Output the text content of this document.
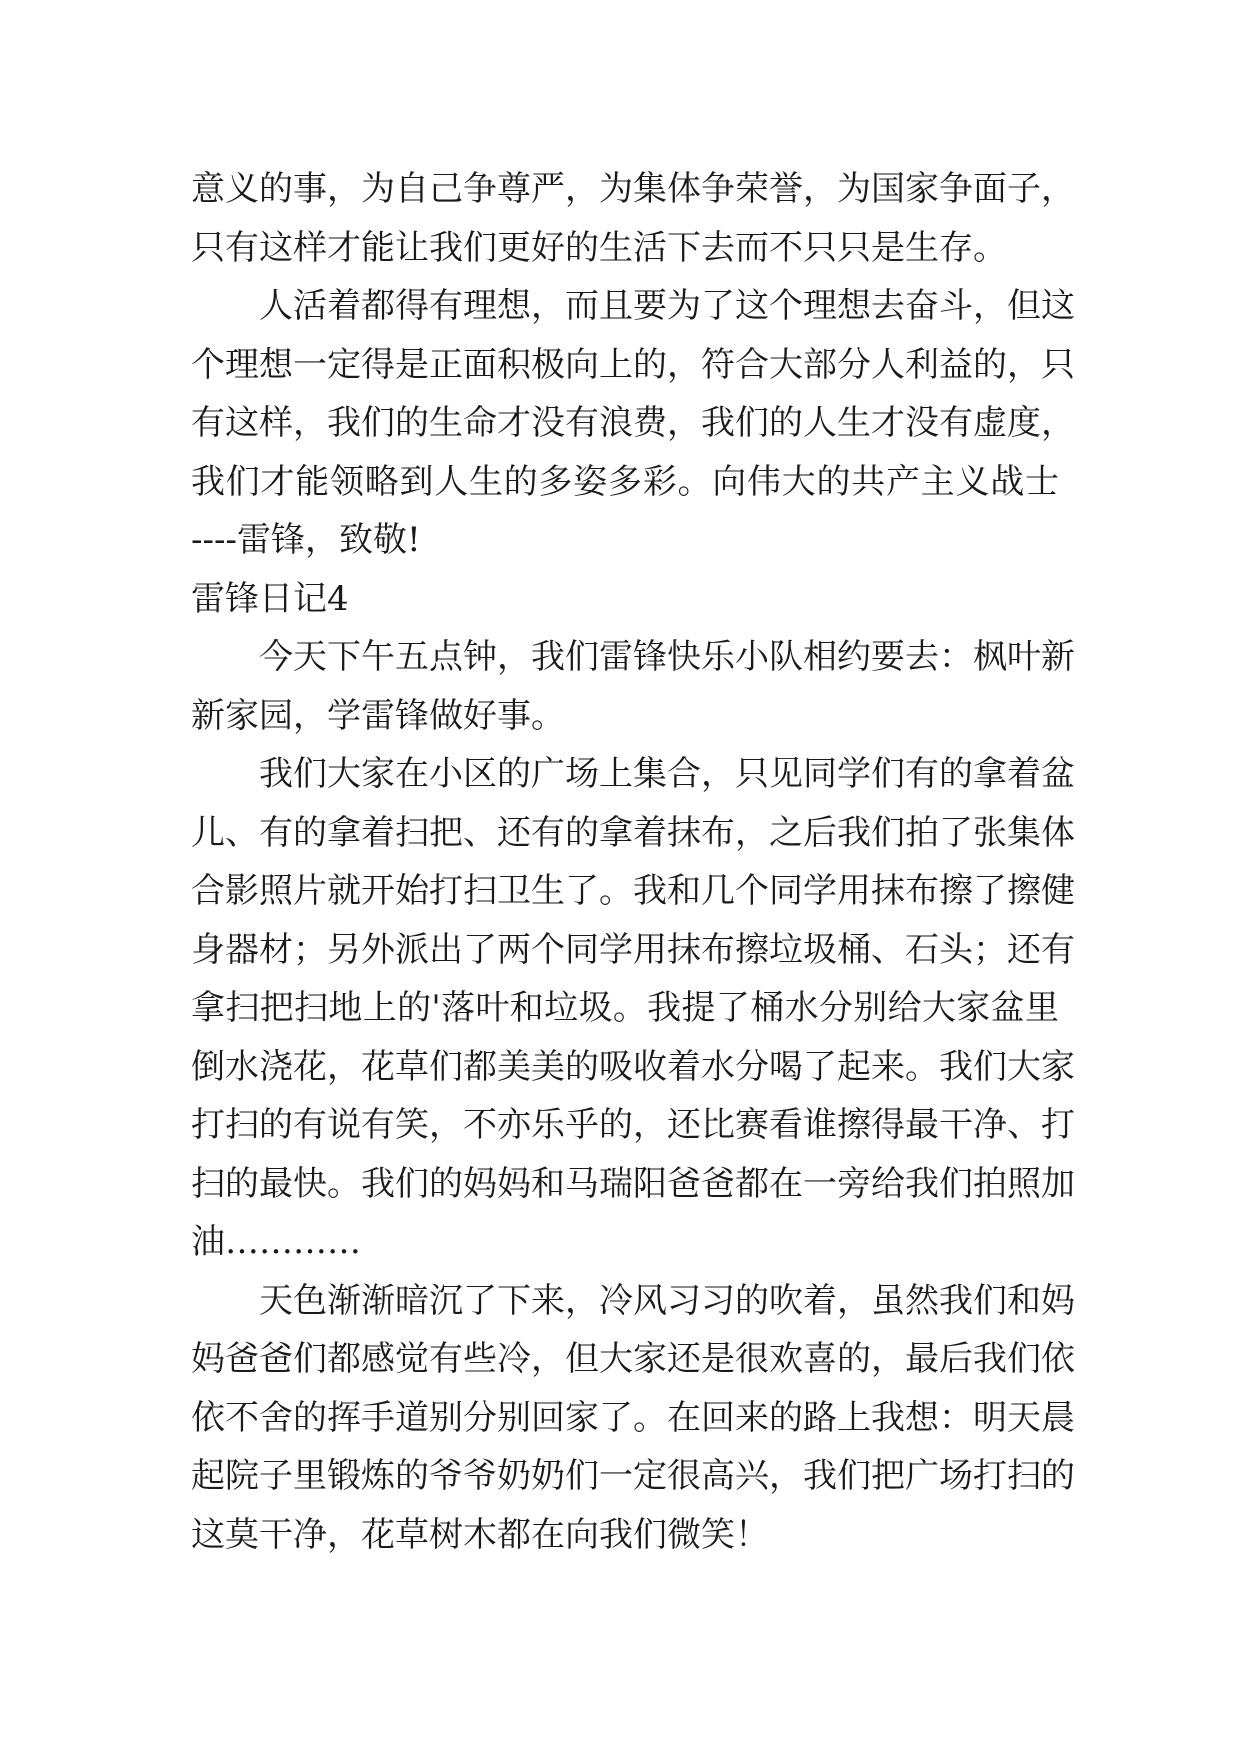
意义的事，为自己争尊严，为集体争荣誉，为国家争面子，
只有这样才能让我们更好的生活下去而不只只是生存。
人活着都得有理想，而且要为了这个理想去奋斗，但这
个理想一定得是正面积极向上的，符合大部分人利益的，只
有这样，我们的生命才没有浪费，我们的人生才没有虚度，
我们才能领略到人生的多姿多彩。向伟大的共产主义战士
----雷锋，致敬!
雷锋日记4
今天下午五点钟，我们雷锋快乐小队相约要去：枫叶新
新家园，学雷锋做好事。
我们大家在小区的广场上集合，只见同学们有的拿着盆
儿、有的拿着扫把、还有的拿着抹布，之后我们拍了张集体
合影照片就开始打扫卫生了。我和几个同学用抹布擦了擦健
身器材；另外派出了两个同学用抹布擦垃圾桶、石头；还有
拿扫把扫地上的'落叶和垃圾。我提了桶水分别给大家盆里
倒水浇花，花草们都美美的吸收着水分喝了起来。我们大家
打扫的有说有笑，不亦乐乎的，还比赛看谁擦得最干净、打
扫的最快。我们的妈妈和马瑞阳爸爸都在一旁给我们拍照加
油…………
天色渐渐暗沉了下来，冷风习习的吹着，虽然我们和妈
妈爸爸们都感觉有些冷，但大家还是很欢喜的，最后我们依
依不舍的挥手道别分别回家了。在回来的路上我想：明天晨
起院子里锻炼的爷爷奶奶们一定很高兴，我们把广场打扫的
这莫干净，花草树木都在向我们微笑！
